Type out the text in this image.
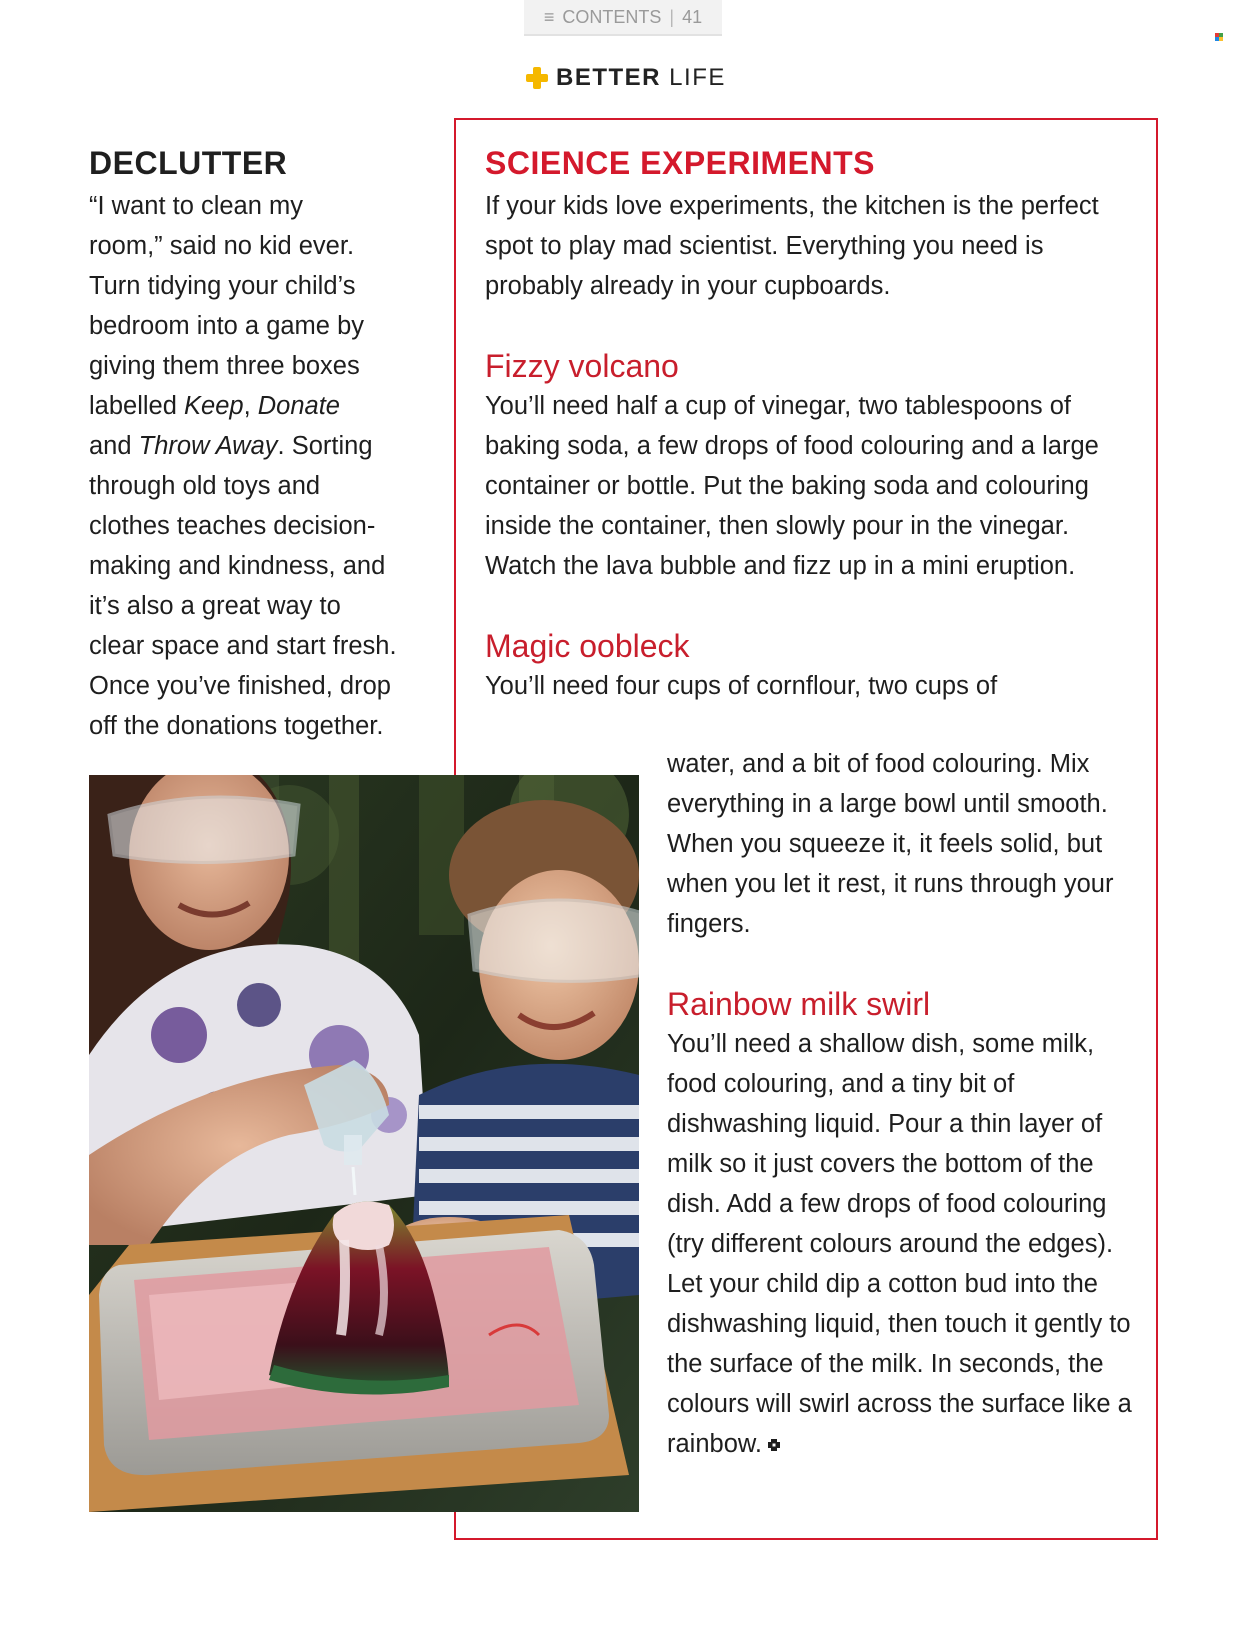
≡ CONTENTS | 41
BETTER LIFE
DECLUTTER

“I want to clean my
room,” said no kid ever.
Turn tidying your child’s
bedroom into a game by
giving them three boxes
labelled Keep, Donate
and Throw Away. Sorting
through old toys and
clothes teaches decision-
making and kindness, and
it’s also a great way to
clear space and start fresh.
Once you’ve finished, drop
off the donations together.

SCIENCE EXPERIMENTS

If your kids love experiments, the kitchen is the perfect spot to play mad scientist. Everything you need is probably already in your cupboards.

Fizzy volcano

You’ll need half a cup of vinegar, two tablespoons of baking soda, a few drops of food colouring and a large container or bottle. Put the baking soda and colouring inside the container, then slowly pour in the vinegar. Watch the lava bubble and fizz up in a mini eruption.

Magic oobleck

You’ll need four cups of cornflour, two cups of

water, and a bit of food colouring. Mix everything in a large bowl until smooth. When you squeeze it, it feels solid, but when you let it rest, it runs through your fingers.

Rainbow milk swirl

You’ll need a shallow dish, some milk, food colouring, and a tiny bit of dishwashing liquid. Pour a thin layer of milk so it just covers the bottom of the dish. Add a few drops of food colouring (try different colours around the edges). Let your child dip a cotton bud into the dishwashing liquid, then touch it gently to the surface of the milk. In seconds, the colours will swirl across the surface like a rainbow.
